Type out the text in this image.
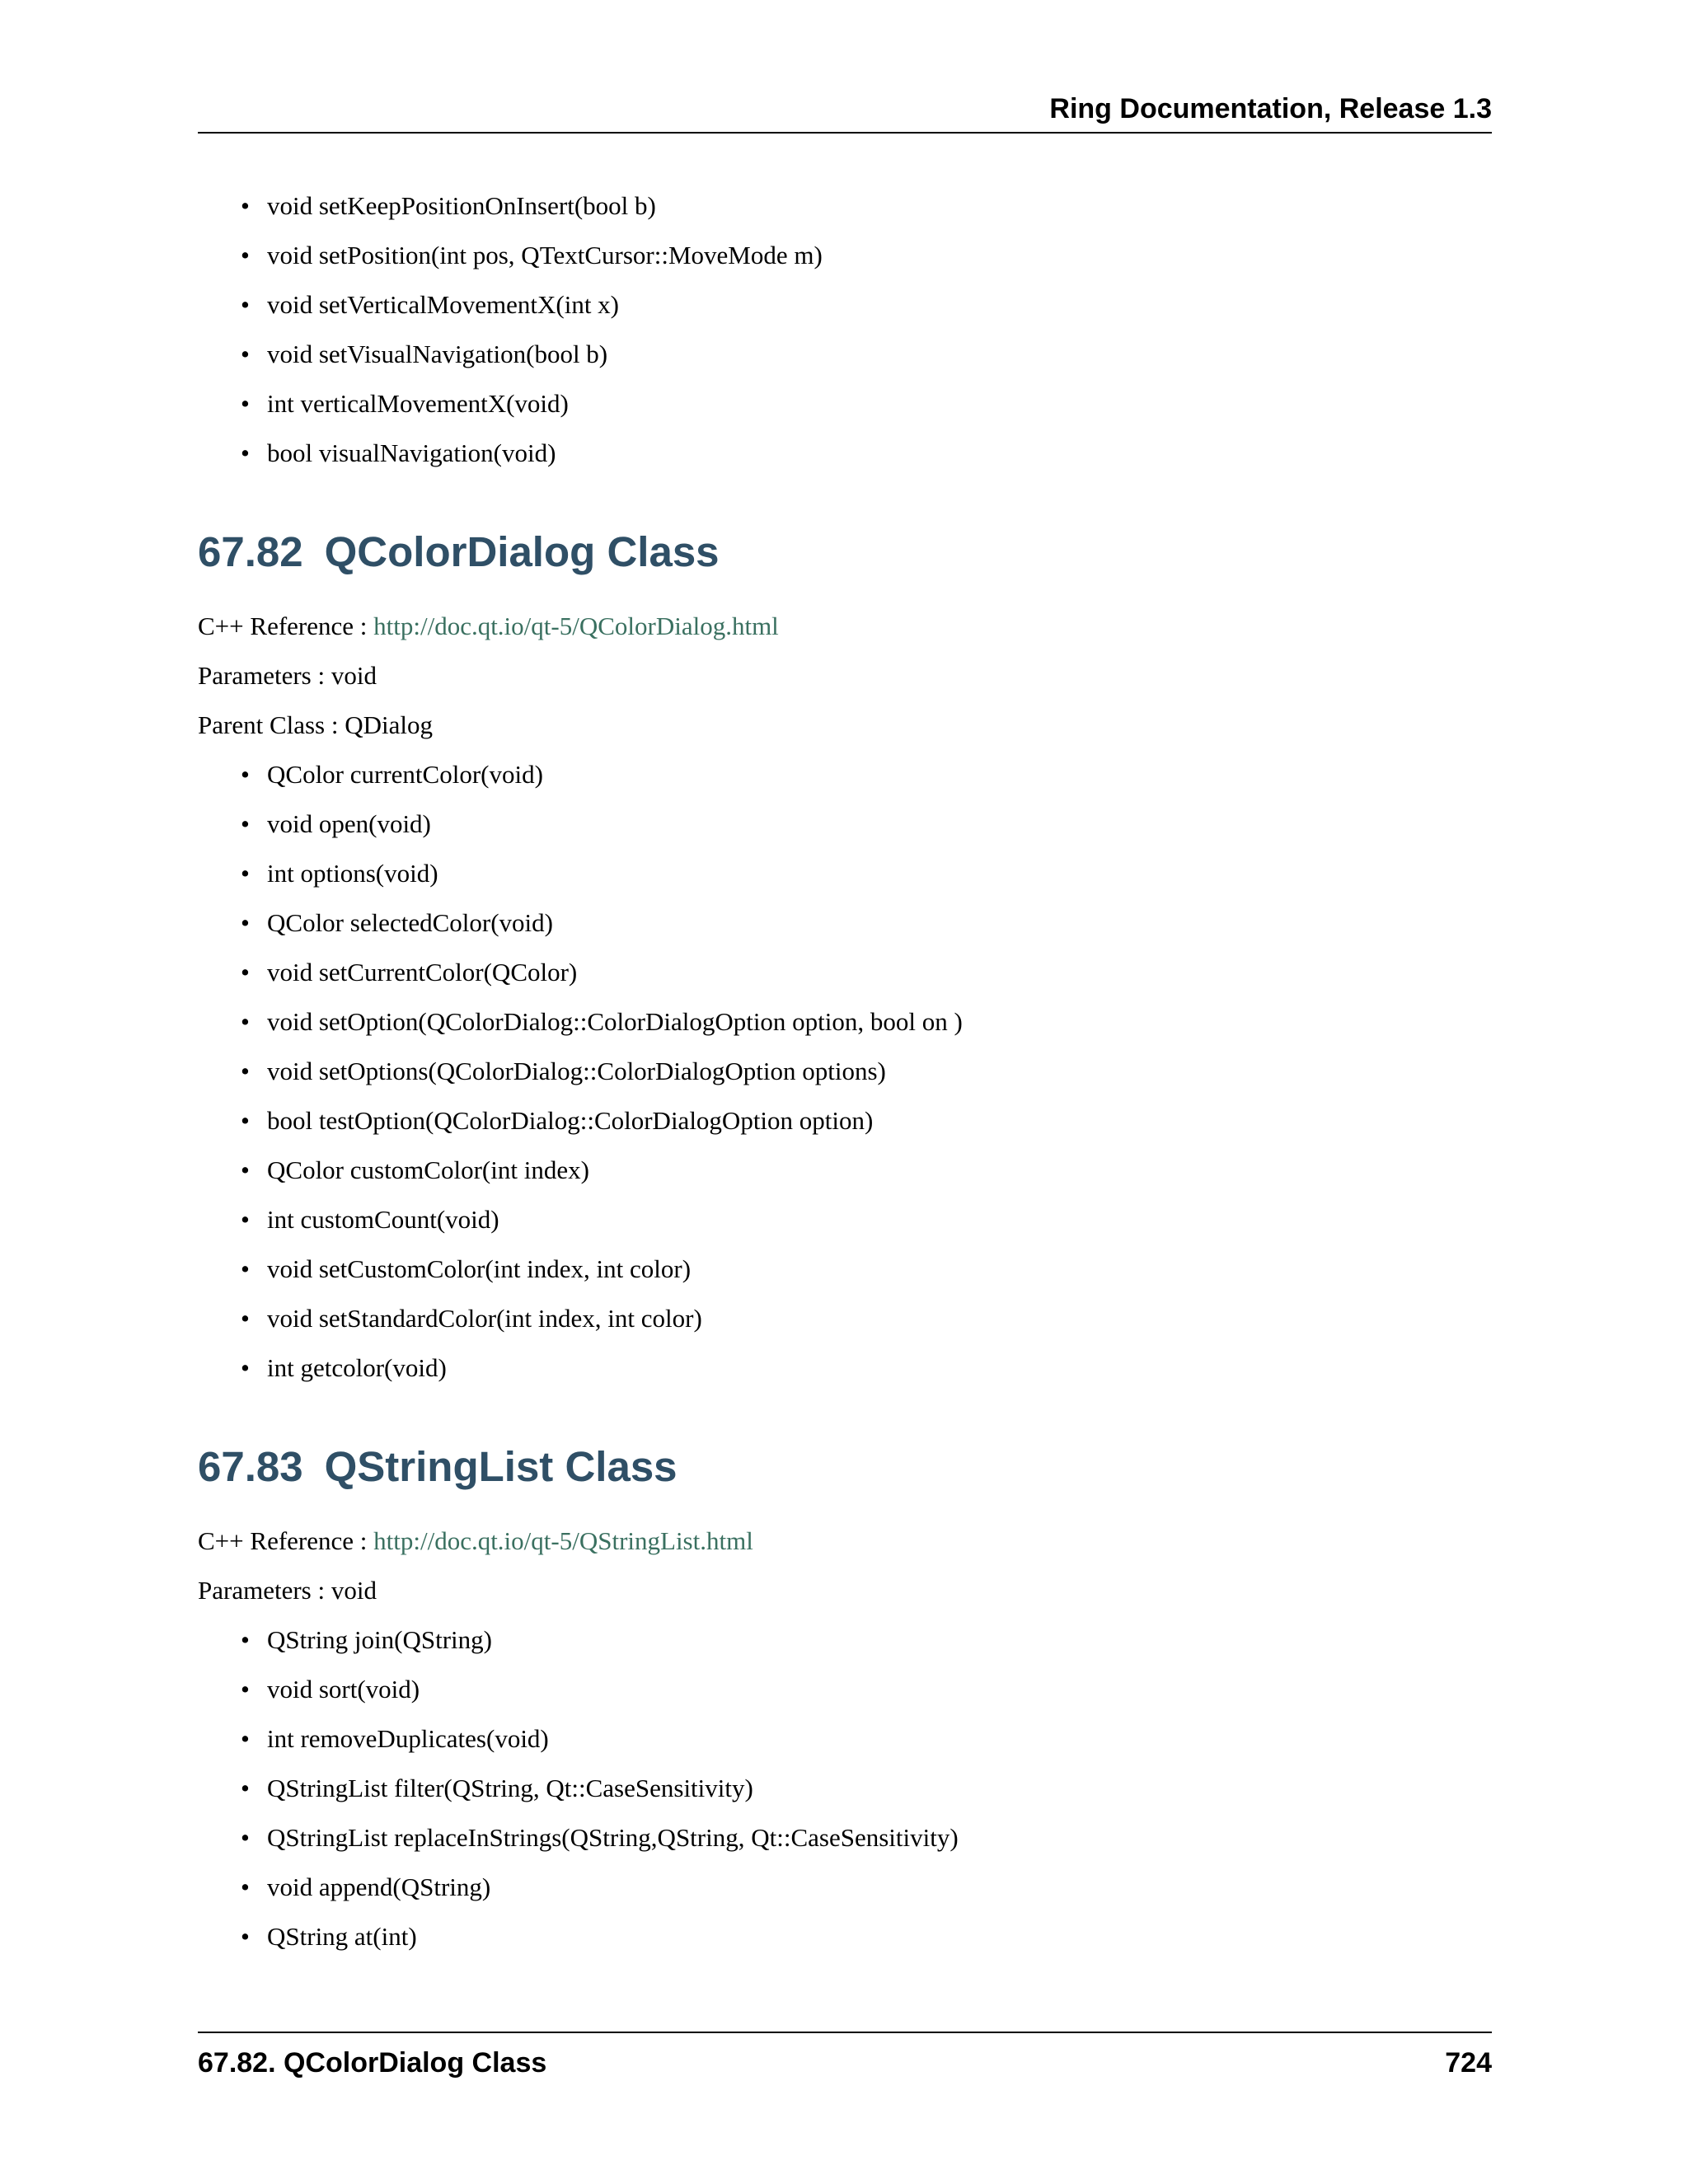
Ring Documentation, Release 1.3
• void setKeepPositionOnInsert(bool b)
• void setPosition(int pos, QTextCursor::MoveMode m)
• void setVerticalMovementX(int x)
• void setVisualNavigation(bool b)
• int verticalMovementX(void)
• bool visualNavigation(void)
67.82 QColorDialog Class

C++ Reference : http://doc.qt.io/qt-5/QColorDialog.html

Parameters : void

Parent Class : QDialog

• QColor currentColor(void)
• void open(void)
• int options(void)
• QColor selectedColor(void)
• void setCurrentColor(QColor)
• void setOption(QColorDialog::ColorDialogOption option, bool on )
• void setOptions(QColorDialog::ColorDialogOption options)
• bool testOption(QColorDialog::ColorDialogOption option)
• QColor customColor(int index)
• int customCount(void)
• void setCustomColor(int index, int color)
• void setStandardColor(int index, int color)
• int getcolor(void)
67.83 QStringList Class

C++ Reference : http://doc.qt.io/qt-5/QStringList.html

Parameters : void

• QString join(QString)
• void sort(void)
• int removeDuplicates(void)
• QStringList filter(QString, Qt::CaseSensitivity)
• QStringList replaceInStrings(QString,QString, Qt::CaseSensitivity)
• void append(QString)
• QString at(int)
67.82. QColorDialog Class	724
